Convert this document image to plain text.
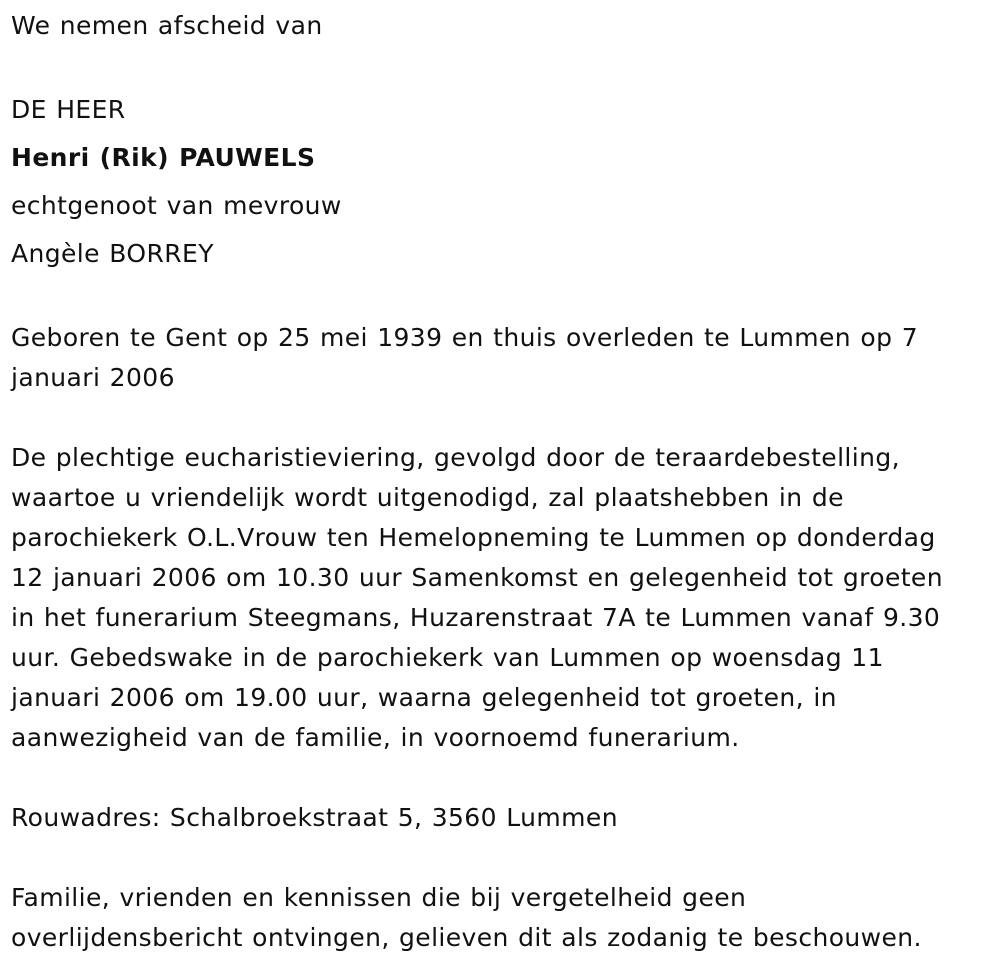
We nemen afscheid van

DE HEER

Henri (Rik) PAUWELS

echtgenoot van mevrouw

Angèle BORREY

Geboren te Gent op 25 mei 1939 en thuis overleden te Lummen op 7

januari 2006

De plechtige eucharistieviering, gevolgd door de teraardebestelling,

waartoe u vriendelijk wordt uitgenodigd, zal plaatshebben in de

parochiekerk O.L.Vrouw ten Hemelopneming te Lummen op donderdag

12 januari 2006 om 10.30 uur Samenkomst en gelegenheid tot groeten

in het funerarium Steegmans, Huzarenstraat 7A te Lummen vanaf 9.30

uur. Gebedswake in de parochiekerk van Lummen op woensdag 11

januari 2006 om 19.00 uur, waarna gelegenheid tot groeten, in

aanwezigheid van de familie, in voornoemd funerarium.

Rouwadres: Schalbroekstraat 5, 3560 Lummen

Familie, vrienden en kennissen die bij vergetelheid geen

overlijdensbericht ontvingen, gelieven dit als zodanig te beschouwen.
